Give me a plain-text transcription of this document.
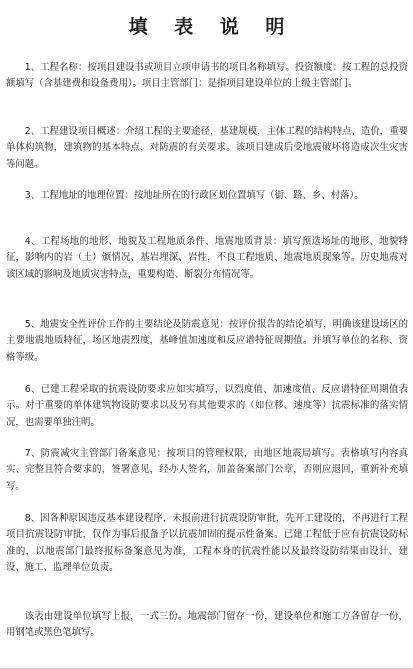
填 表 说 明

1、工程名称：按项目建设书或项目立项申请书的项目名称填写。投资额度：按工程的总投资额填写（含基建费和设备费用）。项目主管部门：是指项目建设单位的上级主管部门。

2、工程建设项目概述：介绍工程的主要途径，基建规模，主体工程的结构特点、造价，重要单体构筑物，建筑物的基本特点，对防震的有关要求。该项目建成后受地震破坏将造成次生灾害等问题。

3、工程地址的地理位置：按地址所在的行政区划位置填写（街、路、乡、村落）。

4、工程场地的地形、地貌及工程地质条件、地震地质背景：填写预选场址的地形、地貌特征，影响内的岩（土）颁情况、基岩埋深、岩性，不良工程地质、地震地质现象等。历史地震对该区域的影响及地质灾害特点，重要构造、断裂分布情况等。

5、地震安全性评价工作的主要结论及防震意见：按评价报告的结论填写，明确该建设场区的主要地震地质特征，场区地震烈度，基峰值加速度和反应谱特征周期值。并填写单位的名称、资格等级。

6、已建工程采取的抗震设防要求应如实填写，以烈度值、加速度值、反应谱特征周期值表示。对于重要的单体建筑物设防要求以及另有其他要求的（如位移、速度等）抗震标准的落实情况，也需要单独注明。

7、防震减灾主管部门备案意见：按项目的管理权限，由地区地震局填写。表格填写内容真实、完整且符合要求的，签署意见，经办人签名，加盖备案部门公章，否则应退回，重新补充填写。

8、因各种原因违反基本建设程序，未报前进行抗震设防审批，先开工建设的，不再进行工程项目抗震设防审批，仅作为事后报备予以抗震加固的提示性备案。已建工程低于应有抗震设防标准的，以地震部门最终报标备案意见为准，工程本身的抗震性能以及最终设防结果由设计、建设、施工、监理单位负责。

该表由建设单位填写上报，一式三份。地震部门留存一份，建设单位和施工方各留存一份，用钢笔或黑色笔填写。
